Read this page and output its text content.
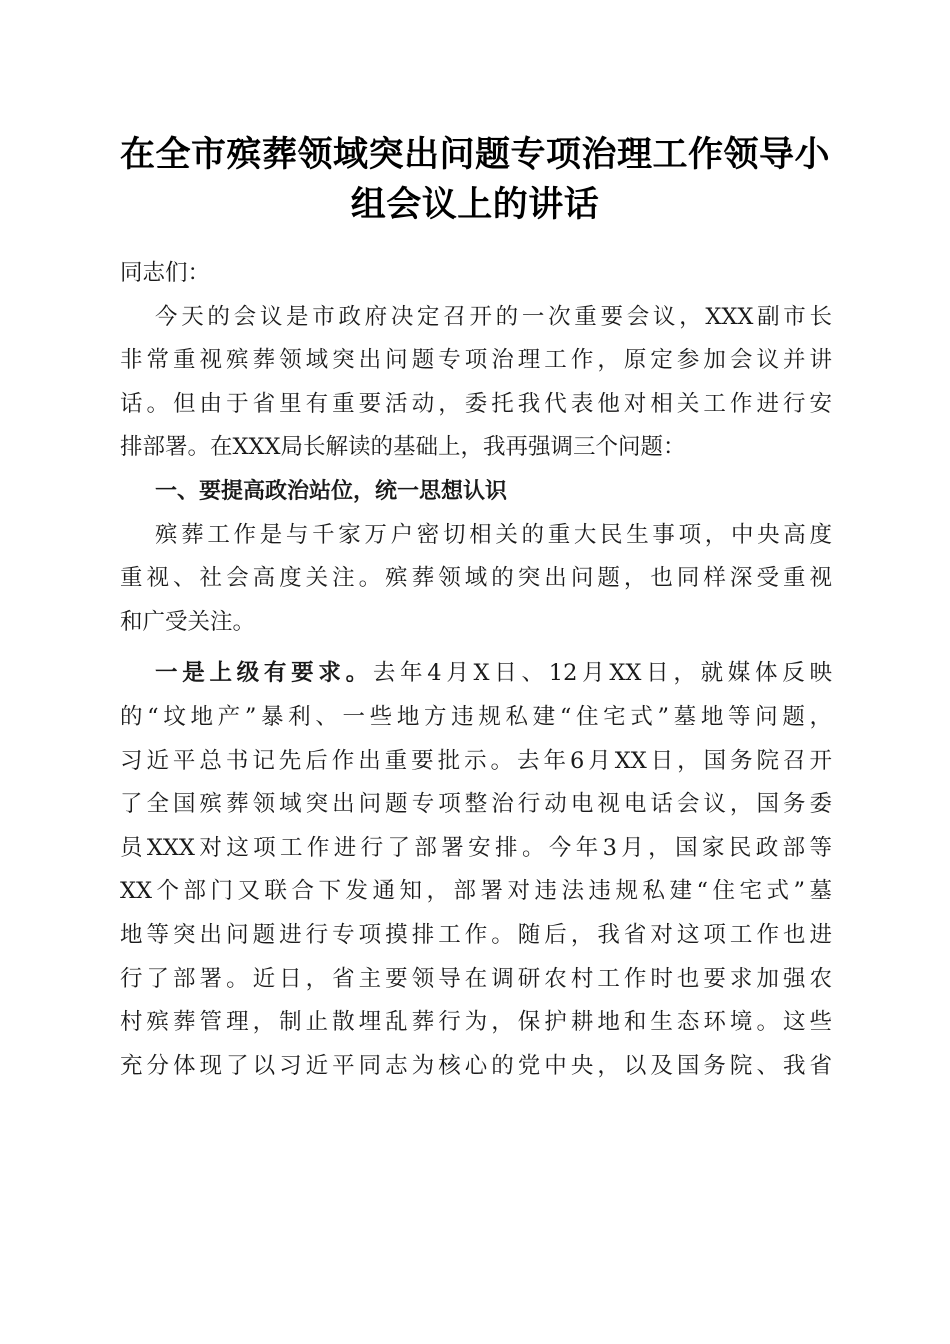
在全市殡葬领域突出问题专项治理工作领导小
组会议上的讲话
同志们：
今天的会议是市政府决定召开的一次重要会议，XXX副市长
非常重视殡葬领域突出问题专项治理工作，原定参加会议并讲
话。但由于省里有重要活动，委托我代表他对相关工作进行安
排部署。在XXX局长解读的基础上，我再强调三个问题：
一、要提高政治站位，统一思想认识
殡葬工作是与千家万户密切相关的重大民生事项，中央高度
重视、社会高度关注。殡葬领域的突出问题，也同样深受重视
和广受关注。
一是上级有要求。去年4月X日、12月XX日，就媒体反映
的“坟地产”暴利、一些地方违规私建“住宅式”墓地等问题，
习近平总书记先后作出重要批示。去年6月XX日，国务院召开
了全国殡葬领域突出问题专项整治行动电视电话会议，国务委
员XXX对这项工作进行了部署安排。今年3月，国家民政部等
XX个部门又联合下发通知，部署对违法违规私建“住宅式”墓
地等突出问题进行专项摸排工作。随后，我省对这项工作也进
行了部署。近日，省主要领导在调研农村工作时也要求加强农
村殡葬管理，制止散埋乱葬行为，保护耕地和生态环境。这些
充分体现了以习近平同志为核心的党中央，以及国务院、我省
